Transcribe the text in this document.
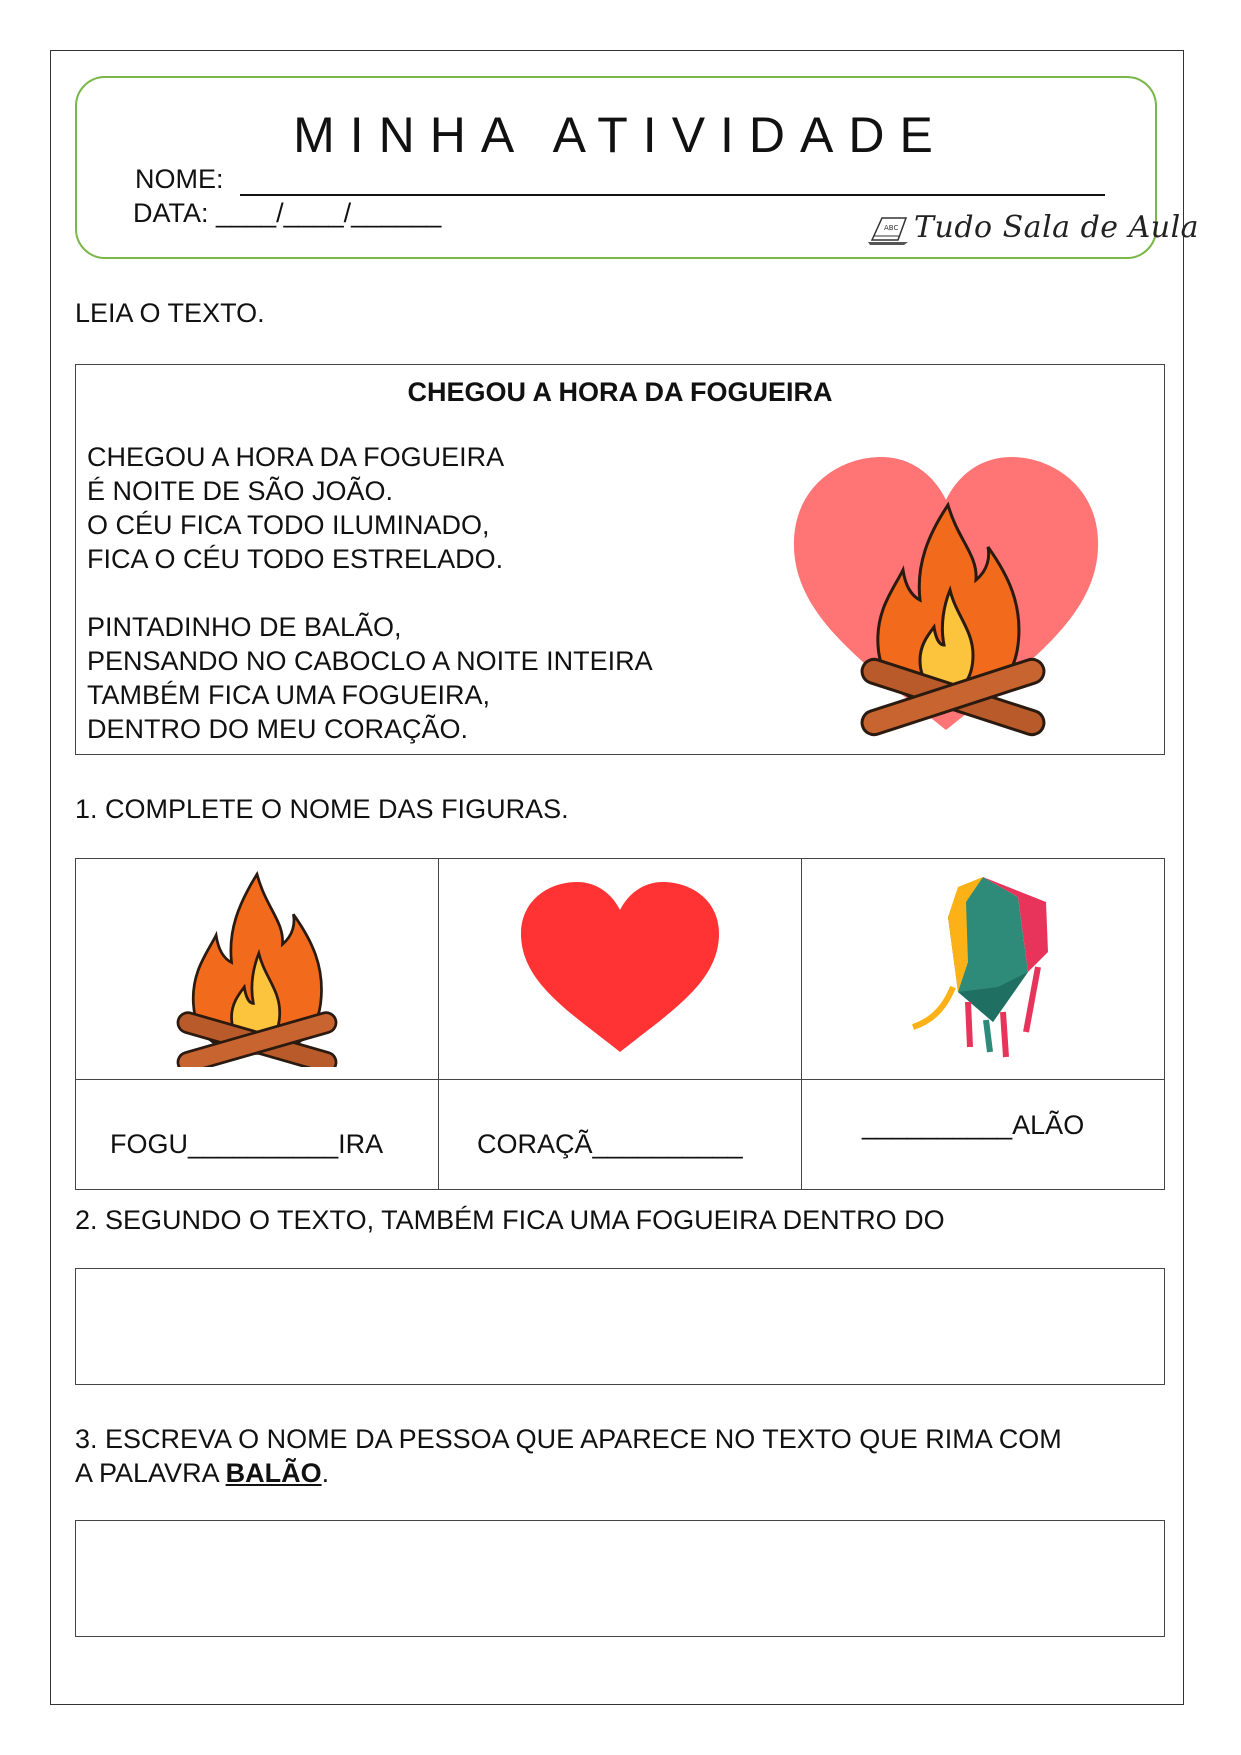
MINHA ATIVIDADE
NOME:
DATA: ____/____/______	ABC Tudo Sala de Aula
LEIA O TEXTO.
CHEGOU A HORA DA FOGUEIRA
CHEGOU A HORA DA FOGUEIRA
É NOITE DE SÃO JOÃO.
O CÉU FICA TODO ILUMINADO,
FICA O CÉU TODO ESTRELADO.
PINTADINHO DE BALÃO,
PENSANDO NO CABOCLO A NOITE INTEIRA
TAMBÉM FICA UMA FOGUEIRA,
DENTRO DO MEU CORAÇÃO.
1. COMPLETE O NOME DAS FIGURAS.

FOGU__________IRA	CORAÇÃ__________	__________ALÃO
2. SEGUNDO O TEXTO, TAMBÉM FICA UMA FOGUEIRA DENTRO DO
3. ESCREVA O NOME DA PESSOA QUE APARECE NO TEXTO QUE RIMA COM
A PALAVRA BALÃO.
